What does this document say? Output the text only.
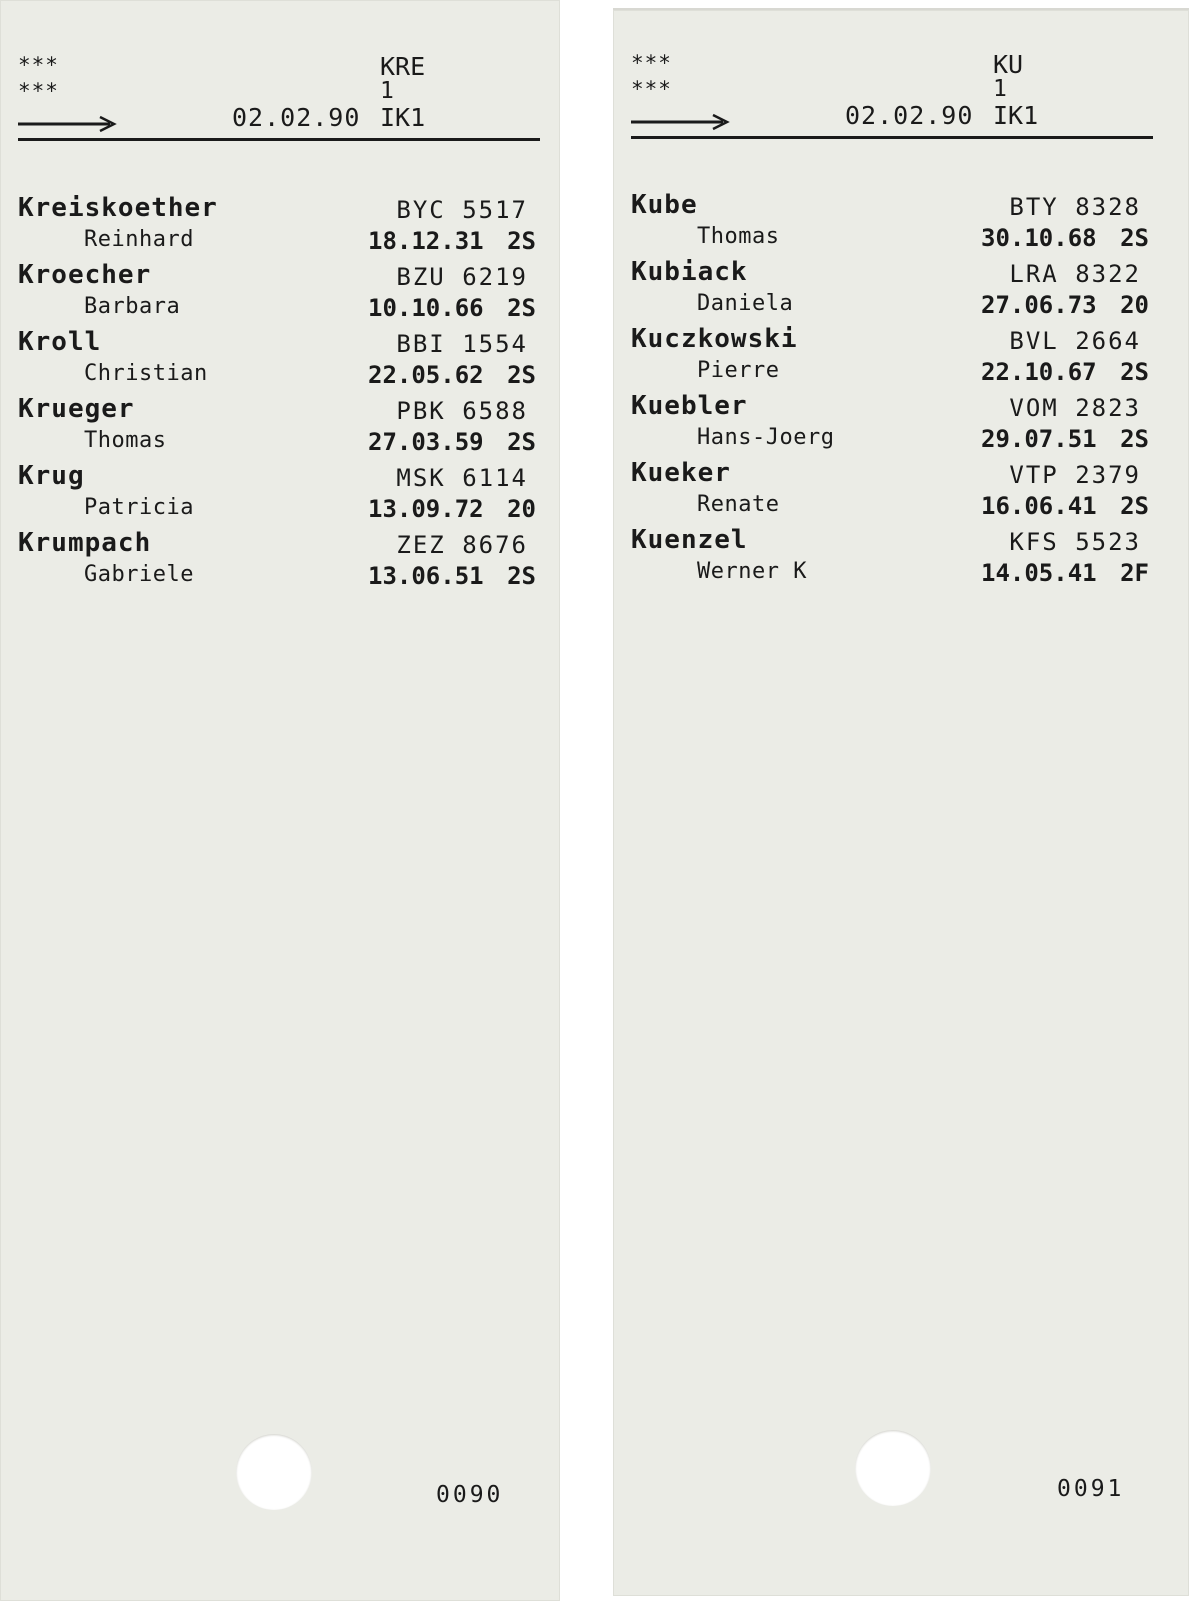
***
***
KRE
1
02.02.90 IK1
Kreiskoether	BYC 5517
Reinhard	18.12.31 2S
Kroecher	BZU 6219
Barbara	10.10.66 2S
Kroll	BBI 1554
Christian	22.05.62 2S
Krueger	PBK 6588
Thomas	27.03.59 2S
Krug	MSK 6114
Patricia	13.09.72 20
Krumpach	ZEZ 8676
Gabriele	13.06.51 2S
0090
***
***
KU
1
02.02.90 IK1
Kube	BTY 8328
Thomas	30.10.68 2S
Kubiack	LRA 8322
Daniela	27.06.73 20
Kuczkowski	BVL 2664
Pierre	22.10.67 2S
Kuebler	VOM 2823
Hans-Joerg	29.07.51 2S
Kueker	VTP 2379
Renate	16.06.41 2S
Kuenzel	KFS 5523
Werner K	14.05.41 2F
0091
